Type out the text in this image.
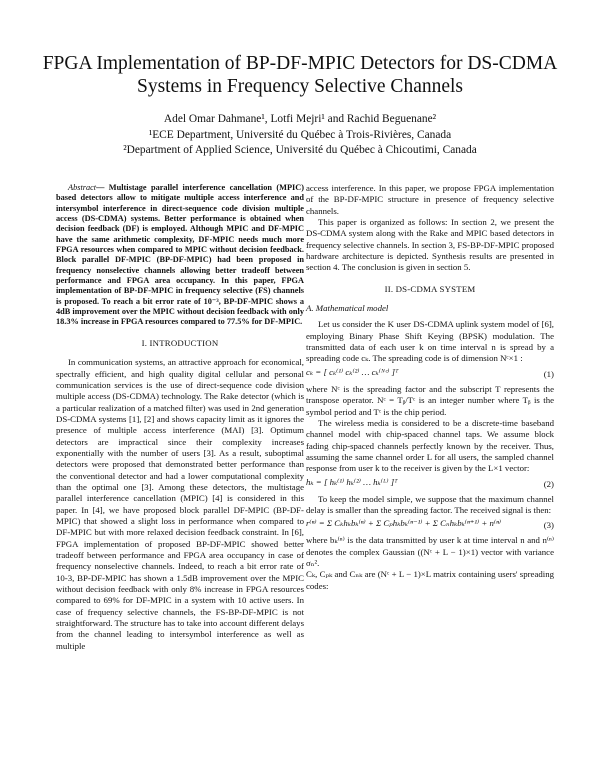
FPGA Implementation of BP-DF-MPIC Detectors for DS-CDMA Systems in Frequency Selective Channels
Adel Omar Dahmane¹, Lotfi Mejri¹ and Rachid Beguenane²
¹ECE Department, Université du Québec à Trois-Rivières, Canada
²Department of Applied Science, Université du Québec à Chicoutimi, Canada

Abstract— Multistage parallel interference cancellation (MPIC) based detectors allow to mitigate multiple access interference and intersymbol interference in direct-sequence code division multiple access (DS-CDMA) systems. Better performance is obtained when decision feedback (DF) is employed. Although MPIC and DF-MPIC have the same arithmetic complexity, DF-MPIC needs much more FPGA resources when compared to MPIC without decision feedback. Block parallel DF-MPIC (BP-DF-MPIC) had been proposed in frequency nonselective channels allowing better tradeoff between performance and FPGA area occupancy. In this paper, FPGA implementation of BP-DF-MPIC in frequency selective (FS) channels is proposed. To reach a bit error rate of 10⁻³, BP-DF-MPIC shows a 4dB improvement over the MPIC without decision feedback with only 18.3% increase in FPGA resources compared to 77.5% for DF-MPIC.

I. INTRODUCTION

In communication systems, an attractive approach for economical, spectrally efficient, and high quality digital cellular and personal communication services is the use of direct-sequence code division multiple access (DS-CDMA) technology. The Rake detector (which is a particular realization of a matched filter) was used in 2nd generation DS-CDMA systems [1], [2] and shows capacity limit as it ignores the presence of multiple access interference (MAI) [3]. Optimum detectors are impractical since their complexity increases exponentially with the number of users [3]. As a result, suboptimal detectors were proposed that demonstrated better performance than the conventional detector and had a lower computational complexity than the optimal one [3]. Among these detectors, the multistage parallel interference cancellation (MPIC) [4] is considered in this paper. In [4], we have proposed block parallel DF-MPIC (BP-DF-MPIC) that showed a slight loss in performance when compared to DF-MPIC but with more relaxed decision feedback constraint. In [6], FPGA implementation of proposed BP-DF-MPIC showed better tradeoff between performance and FPGA area occupancy in case of frequency nonselective channels. Indeed, to reach a bit error rate of 10-3, BP-DF-MPIC has shown a 1.5dB improvement over the MPIC without decision feedback with only 8% increase in FPGA resources compared to 69% for DF-MPIC in a system with 10 active users. In case of frequency selective channels, the FS-BP-DF-MPIC is not straightforward. The structure has to take into account different delays from the channel leading to intersymbol interference as well as multiple

access interference. In this paper, we propose FPGA implementation of the BP-DF-MPIC structure in presence of frequency selective channels.

This paper is organized as follows: In section 2, we present the DS-CDMA system along with the Rake and MPIC based detectors in frequency selective channels. In section 3, FS-BP-DF-MPIC proposed hardware architecture is depicted. Synthesis results are presented in section 4. The conclusion is given in section 5.

II. DS-CDMA SYSTEM

A. Mathematical model

Let us consider the K user DS-CDMA uplink system model of [6], employing Binary Phase Shift Keying (BPSK) modulation. The transmitted data of each user k on time interval n is spread by a spreading code cₖ. The spreading code is of dimension Nᶜ×1 :

cₖ = [ cₖ⁽¹⁾ cₖ⁽²⁾ … cₖ⁽ᴺᶜ⁾ ]ᵀ	(1)

where Nᶜ is the spreading factor and the subscript T represents the transpose operator. Nᶜ = Tᵦ/Tᶜ is an integer number where Tᵦ is the symbol period and Tᶜ is the chip period.

The wireless media is considered to be a discrete-time baseband channel model with chip-spaced channel taps. We assume block fading chip-spaced channels perfectly known by the receiver. Thus, assuming the same channel order L for all users, the sampled channel response from user k to the receiver is given by the L×1 vector:

hₖ = [ hₖ⁽¹⁾ hₖ⁽²⁾ … hₖ⁽ᴸ⁾ ]ᵀ	(2)

To keep the model simple, we suppose that the maximum channel delay is smaller than the spreading factor. The received signal is then:

r⁽ⁿ⁾ = Σ Cₖhₖbₖ⁽ⁿ⁾ + Σ Cₚhₖbₖ⁽ⁿ⁻¹⁾ + Σ Cₙhₖbₖ⁽ⁿ⁺¹⁾ + n⁽ⁿ⁾	(3)

where bₖ⁽ⁿ⁾ is the data transmitted by user k at time interval n and n⁽ⁿ⁾ denotes the complex Gaussian ((Nᶜ + L − 1)×1) vector with variance σₙ².

Cₖ, Cₚₖ and Cₙₖ are (Nᶜ + L − 1)×L matrix containing users' spreading codes:
